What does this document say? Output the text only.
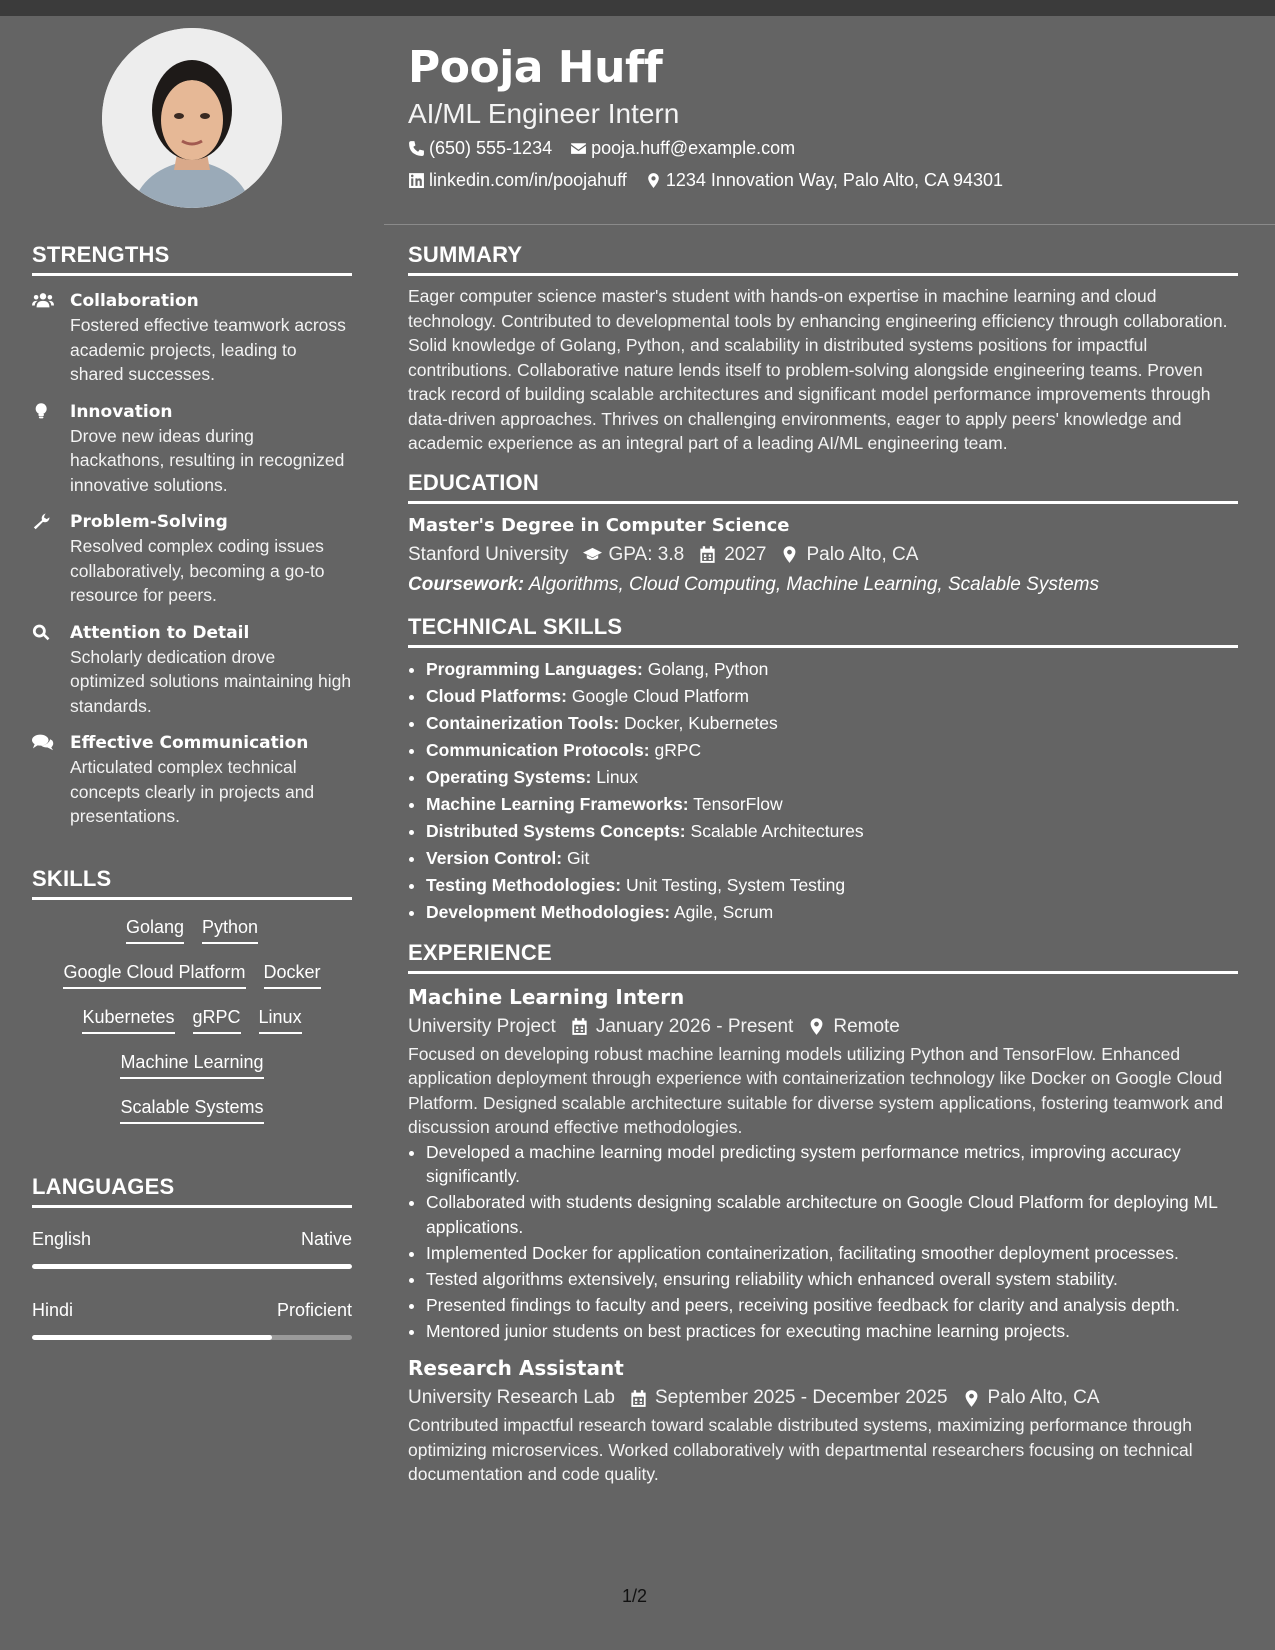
STRENGTHS
Collaboration
Fostered effective teamwork across academic projects, leading to shared successes.
Innovation
Drove new ideas during hackathons, resulting in recognized innovative solutions.
Problem-Solving
Resolved complex coding issues collaboratively, becoming a go-to resource for peers.
Attention to Detail
Scholarly dedication drove optimized solutions maintaining high standards.
Effective Communication
Articulated complex technical concepts clearly in projects and presentations.
SKILLS
Golang Python
Google Cloud Platform Docker
Kubernetes gRPC Linux
Machine Learning
Scalable Systems
LANGUAGES
English	Native
Hindi	Proficient
Pooja Huff
AI/ML Engineer Intern
(650) 555-1234 pooja.huff@example.com
linkedin.com/in/poojahuff 1234 Innovation Way, Palo Alto, CA 94301
SUMMARY

Eager computer science master's student with hands-on expertise in machine learning and cloud technology. Contributed to developmental tools by enhancing engineering efficiency through collaboration. Solid knowledge of Golang, Python, and scalability in distributed systems positions for impactful contributions. Collaborative nature lends itself to problem-solving alongside engineering teams. Proven track record of building scalable architectures and significant model performance improvements through data-driven approaches. Thrives on challenging environments, eager to apply peers' knowledge and academic experience as an integral part of a leading AI/ML engineering team.

EDUCATION
Master's Degree in Computer Science
Stanford University GPA: 3.8 2027 Palo Alto, CA
Coursework: Algorithms, Cloud Computing, Machine Learning, Scalable Systems
TECHNICAL SKILLS
• Programming Languages: Golang, Python
• Cloud Platforms: Google Cloud Platform
• Containerization Tools: Docker, Kubernetes
• Communication Protocols: gRPC
• Operating Systems: Linux
• Machine Learning Frameworks: TensorFlow
• Distributed Systems Concepts: Scalable Architectures
• Version Control: Git
• Testing Methodologies: Unit Testing, System Testing
• Development Methodologies: Agile, Scrum
EXPERIENCE
Machine Learning Intern
University Project January 2026 - Present Remote

Focused on developing robust machine learning models utilizing Python and TensorFlow. Enhanced application deployment through experience with containerization technology like Docker on Google Cloud Platform. Designed scalable architecture suitable for diverse system applications, fostering teamwork and discussion around effective methodologies.

• Developed a machine learning model predicting system performance metrics, improving accuracy significantly.
• Collaborated with students designing scalable architecture on Google Cloud Platform for deploying ML applications.
• Implemented Docker for application containerization, facilitating smoother deployment processes.
• Tested algorithms extensively, ensuring reliability which enhanced overall system stability.
• Presented findings to faculty and peers, receiving positive feedback for clarity and analysis depth.
• Mentored junior students on best practices for executing machine learning projects.
Research Assistant
University Research Lab September 2025 - December 2025 Palo Alto, CA

Contributed impactful research toward scalable distributed systems, maximizing performance through optimizing microservices. Worked collaboratively with departmental researchers focusing on technical documentation and code quality.

1/2
